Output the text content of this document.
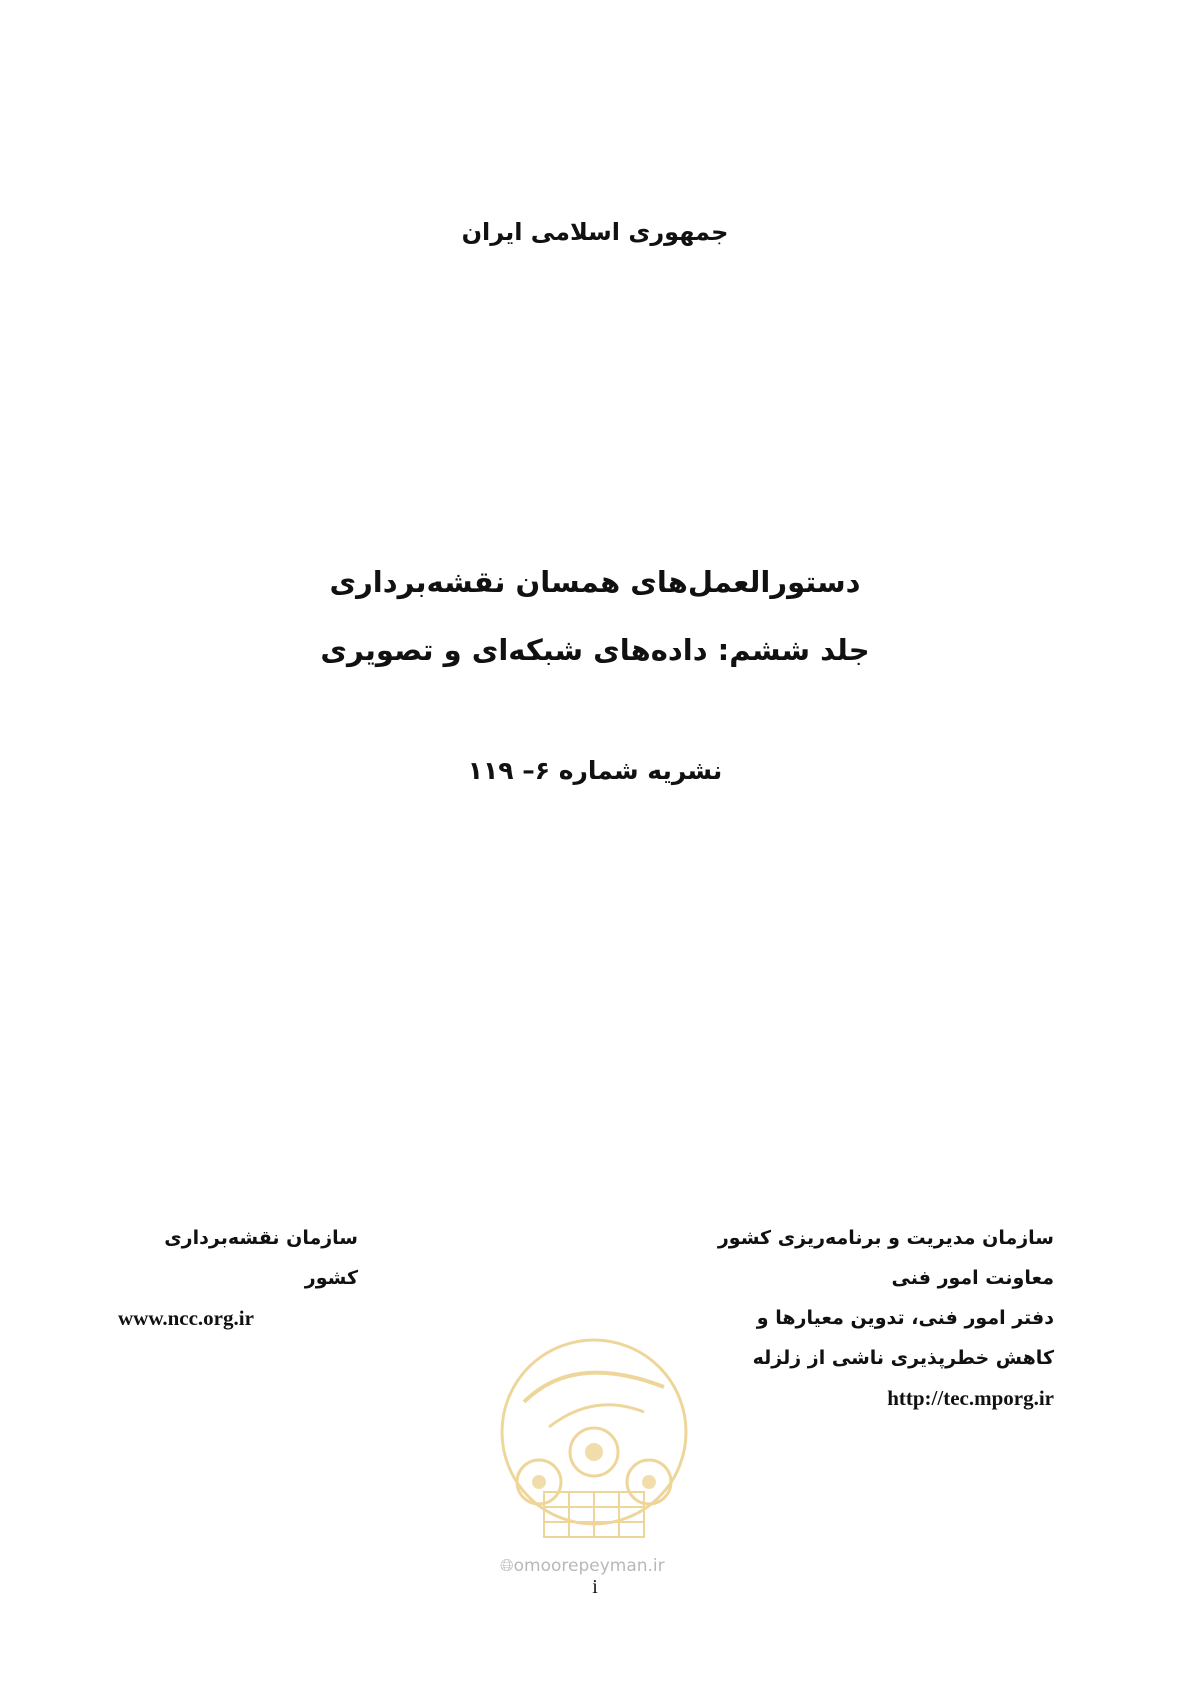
جمهوری اسلامی ایران
دستورالعمل‌های همسان نقشه‌برداری
جلد ششم: داده‌های شبکه‌ای و تصویری
نشریه شماره ۶– ۱۱۹
سازمان مدیریت و برنامه‌ریزی کشور
معاونت امور فنی
دفتر امور فنی، تدوین معیارها و
کاهش خطرپذیری ناشی از زلزله
http://tec.mporg.ir
سازمان نقشه‌برداری کشور
www.ncc.org.ir
🌐︎omoorepeyman.ir
i
